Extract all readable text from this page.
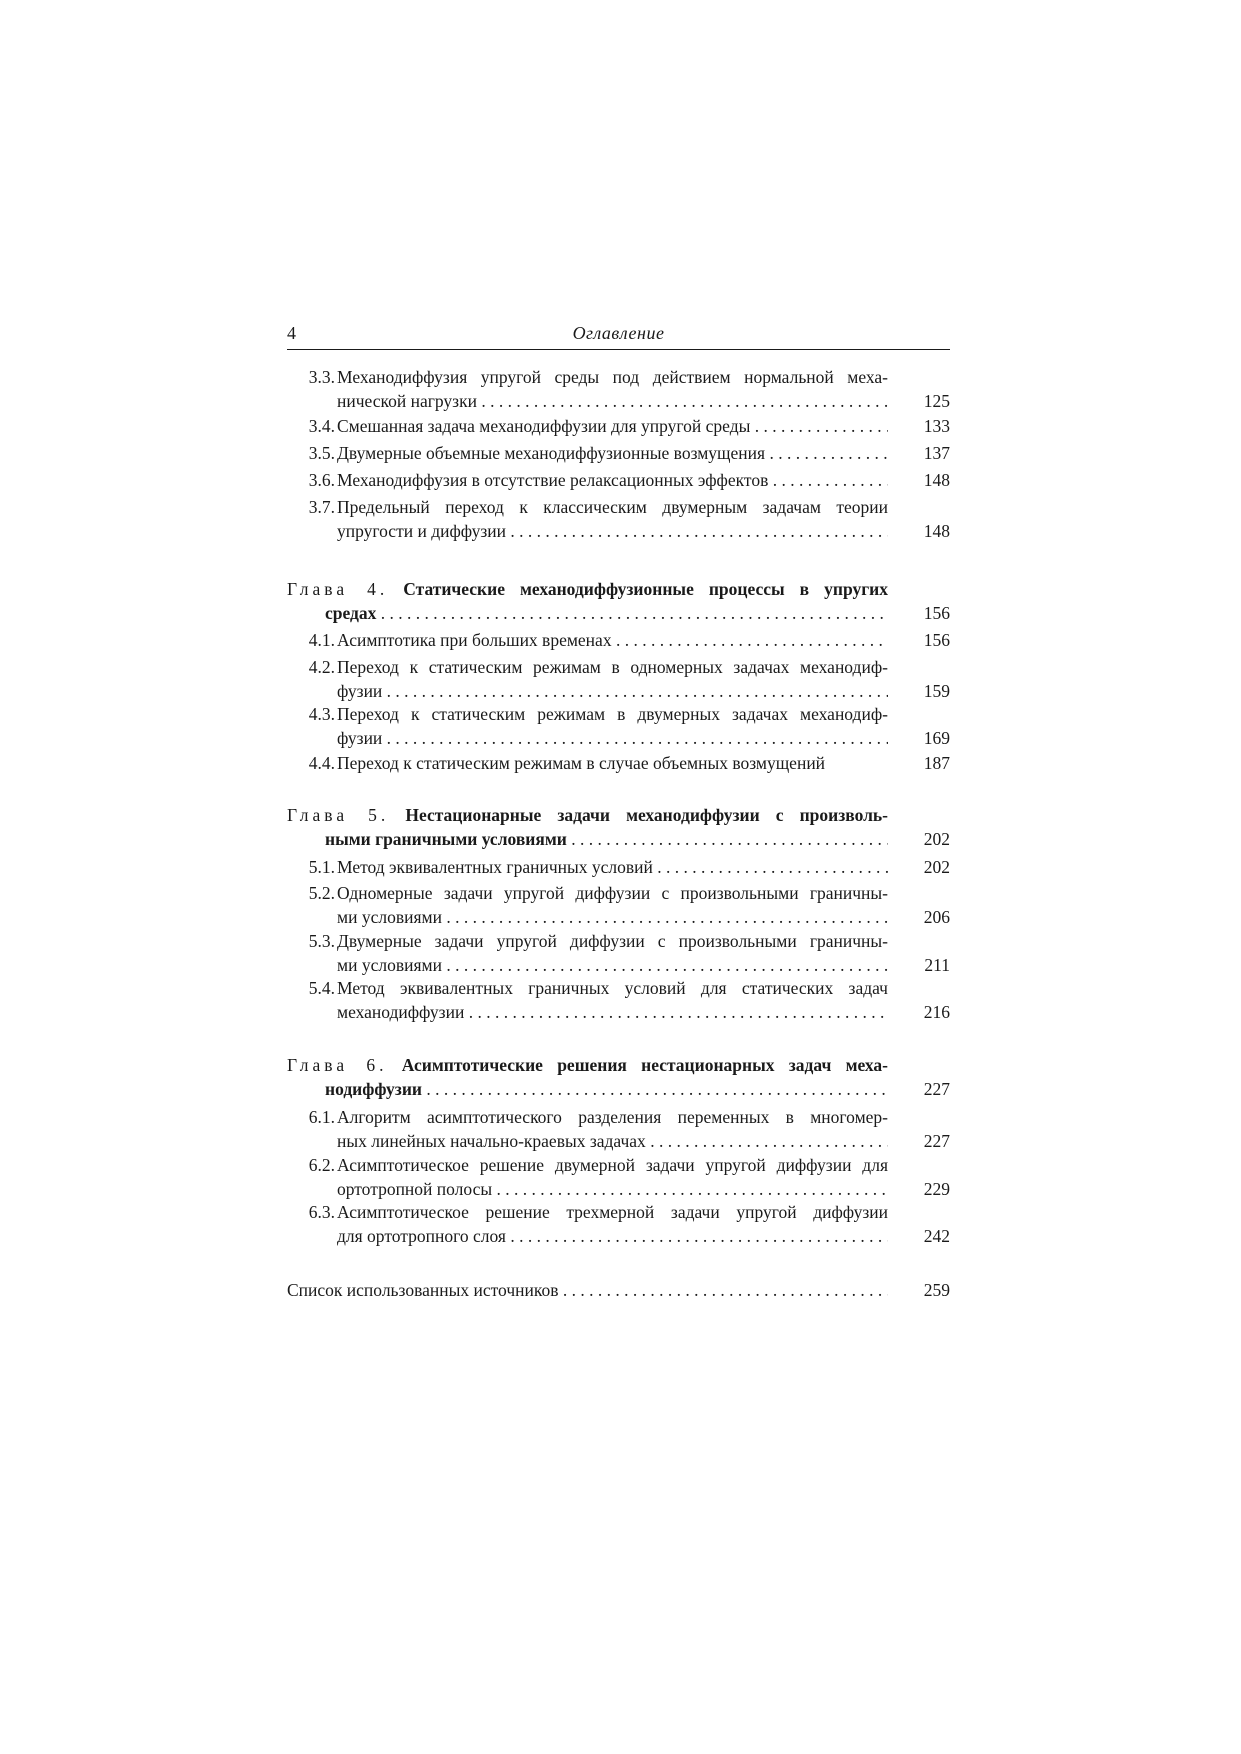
4	Оглавление
3.3. Механодиффузия упругой среды под действием нормальной меха-
нической нагрузки . . .	125
3.4. Смешанная задача механодиффузии для упругой среды . . .	133
3.5. Двумерные объемные механодиффузионные возмущения . . .	137
3.6. Механодиффузия в отсутствие релаксационных эффектов . . .	148
3.7. Предельный переход к классическим двумерным задачам теории
упругости и диффузии . . .	148
Глава 4. Статические механодиффузионные процессы в упругих
средах . . .	156
4.1. Асимптотика при больших временах . . .	156
4.2. Переход к статическим режимам в одномерных задачах механодиф-
фузии . . .	159
4.3. Переход к статическим режимам в двумерных задачах механодиф-
фузии . . .	169
4.4. Переход к статическим режимам в случае объемных возмущений	187
Глава 5. Нестационарные задачи механодиффузии с произволь-
ными граничными условиями . . .	202
5.1. Метод эквивалентных граничных условий . . .	202
5.2. Одномерные задачи упругой диффузии с произвольными граничны-
ми условиями . . .	206
5.3. Двумерные задачи упругой диффузии с произвольными граничны-
ми условиями . . .	211
5.4. Метод эквивалентных граничных условий для статических задач
механодиффузии . . .	216
Глава 6. Асимптотические решения нестационарных задач меха-
нодиффузии . . .	227
6.1. Алгоритм асимптотического разделения переменных в многомер-
ных линейных начально-краевых задачах . . .	227
6.2. Асимптотическое решение двумерной задачи упругой диффузии для
ортотропной полосы . . .	229
6.3. Асимптотическое решение трехмерной задачи упругой диффузии
для ортотропного слоя . . .	242
Список использованных источников . . .	259
